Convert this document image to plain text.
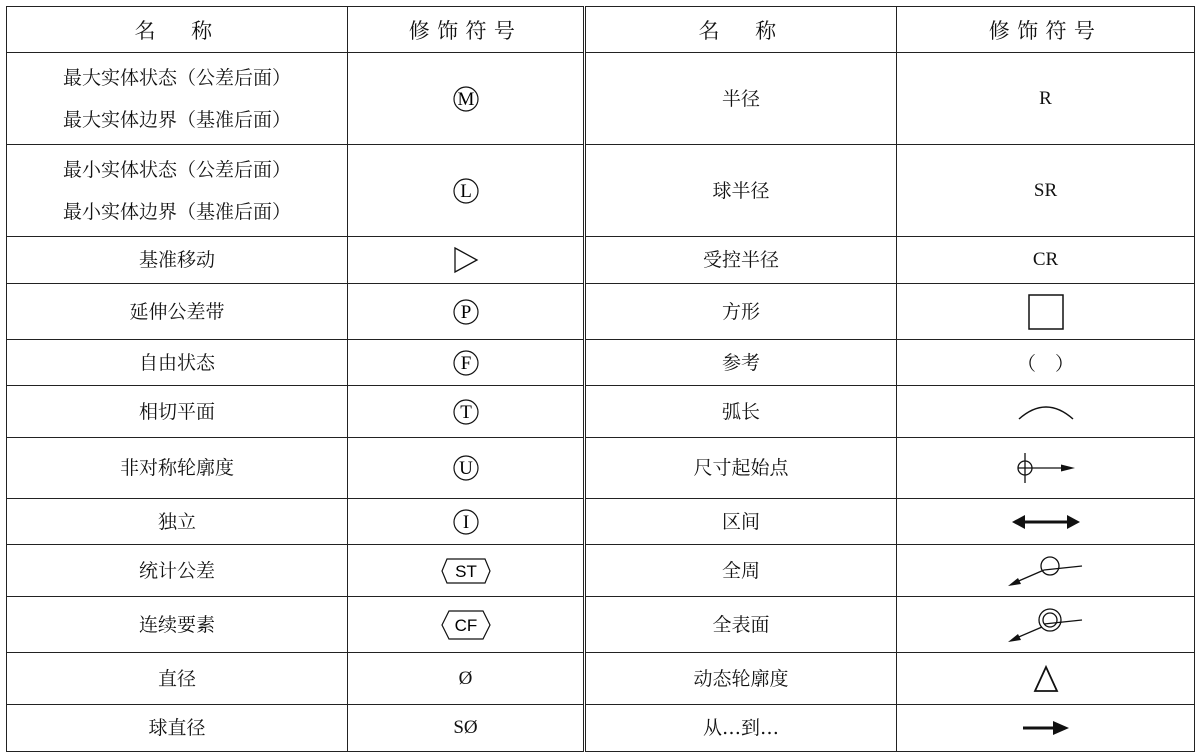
名　称	修饰符号	名　称	修饰符号

最大实体状态（公差后面）
最大实体边界（基准后面）	M	半径	R

最小实体状态（公差后面）
最小实体边界（基准后面）	L	球半径	SR
基准移动		受控半径	CR
延伸公差带	P	方形	

自由状态	F	参考	（　）
相切平面	T	弧长	

非对称轮廓度	U	尺寸起始点	

独立	I	区间	

统计公差	ST	全周	

连续要素	CF	全表面	

直径	Ø	动态轮廓度	

球直径	SØ	从…到…	
